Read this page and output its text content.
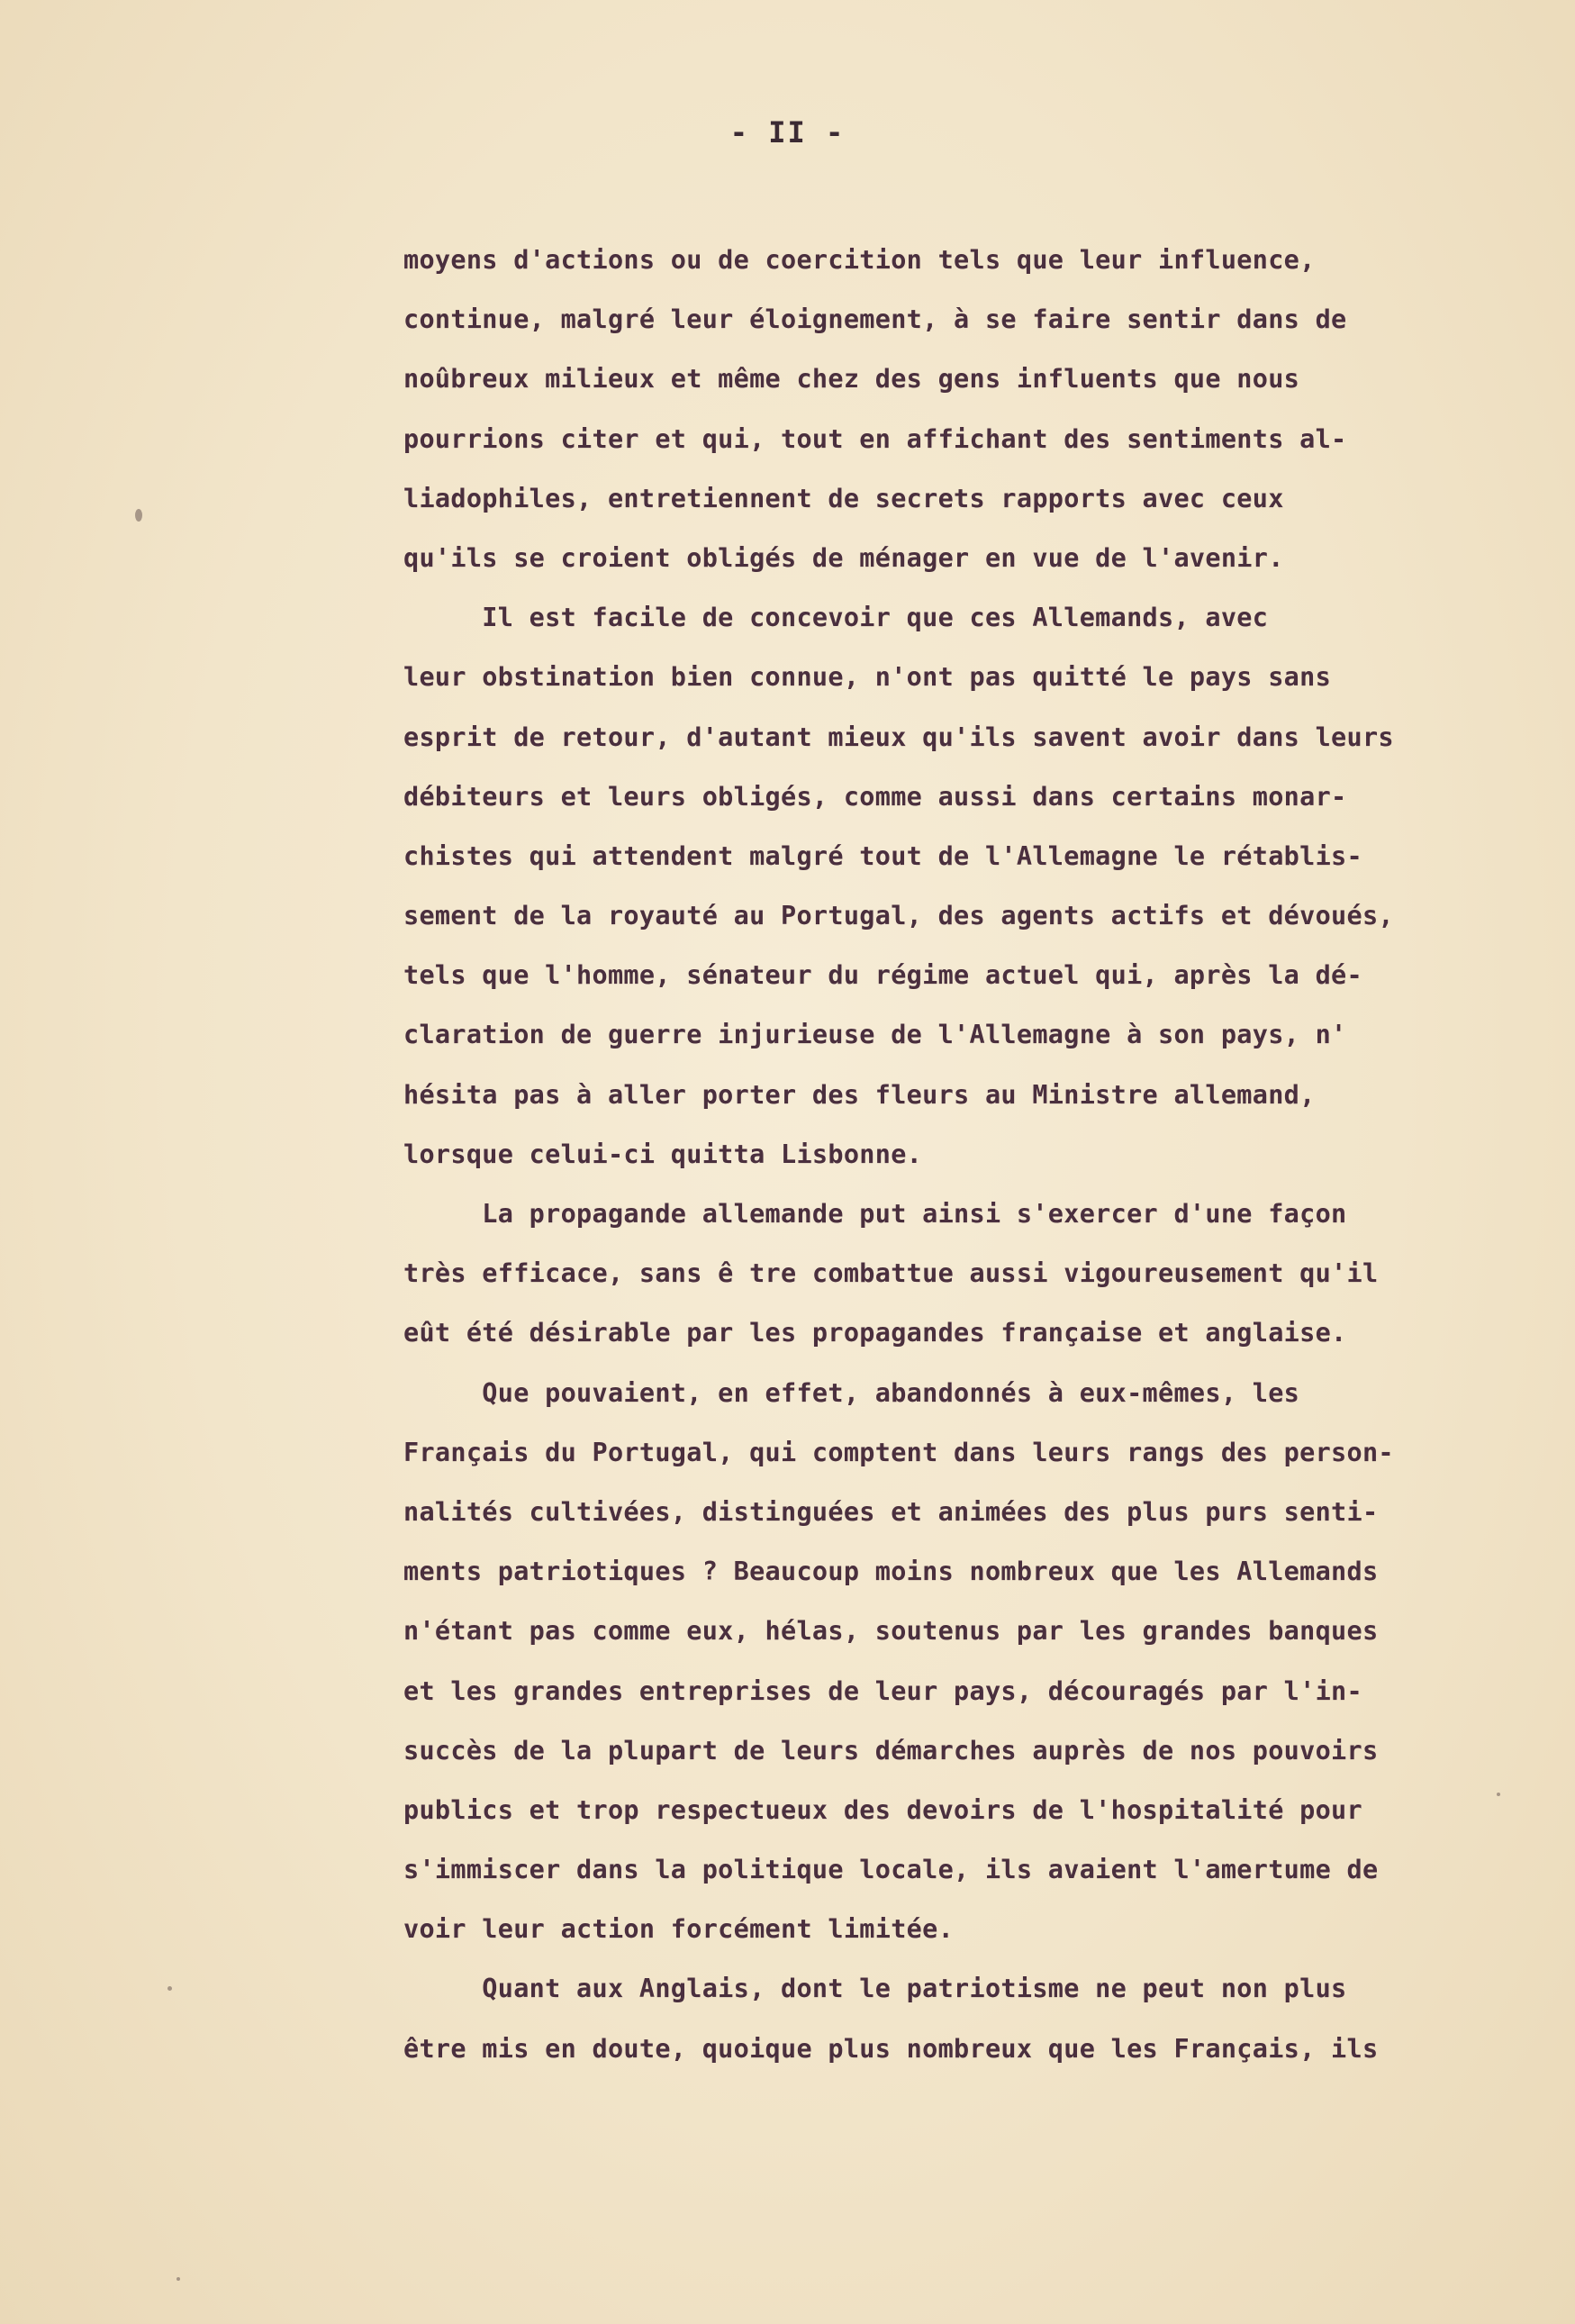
- II -
moyens d'actions ou de coercition tels que leur influence,
continue, malgré leur éloignement, à se faire sentir dans de
noûbreux milieux et même chez des gens influents que nous
pourrions citer et qui, tout en affichant des sentiments al-
liadophiles, entretiennent de secrets rapports avec ceux
qu'ils se croient obligés de ménager en vue de l'avenir.
Il est facile de concevoir que ces Allemands, avec
leur obstination bien connue, n'ont pas quitté le pays sans
esprit de retour, d'autant mieux qu'ils savent avoir dans leurs
débiteurs et leurs obligés, comme aussi dans certains monar-
chistes qui attendent malgré tout de l'Allemagne le rétablis-
sement de la royauté au Portugal, des agents actifs et dévoués,
tels que l'homme, sénateur du régime actuel qui, après la dé-
claration de guerre injurieuse de l'Allemagne à son pays, n'
hésita pas à aller porter des fleurs au Ministre allemand,
lorsque celui-ci quitta Lisbonne.
La propagande allemande put ainsi s'exercer d'une façon
très efficace, sans ê tre combattue aussi vigoureusement qu'il
eût été désirable par les propagandes française et anglaise.
Que pouvaient, en effet, abandonnés à eux-mêmes, les
Français du Portugal, qui comptent dans leurs rangs des person-
nalités cultivées, distinguées et animées des plus purs senti-
ments patriotiques ? Beaucoup moins nombreux que les Allemands
n'étant pas comme eux, hélas, soutenus par les grandes banques
et les grandes entreprises de leur pays, découragés par l'in-
succès de la plupart de leurs démarches auprès de nos pouvoirs
publics et trop respectueux des devoirs de l'hospitalité pour
s'immiscer dans la politique locale, ils avaient l'amertume de
voir leur action forcément limitée.
Quant aux Anglais, dont le patriotisme ne peut non plus
être mis en doute, quoique plus nombreux que les Français, ils
